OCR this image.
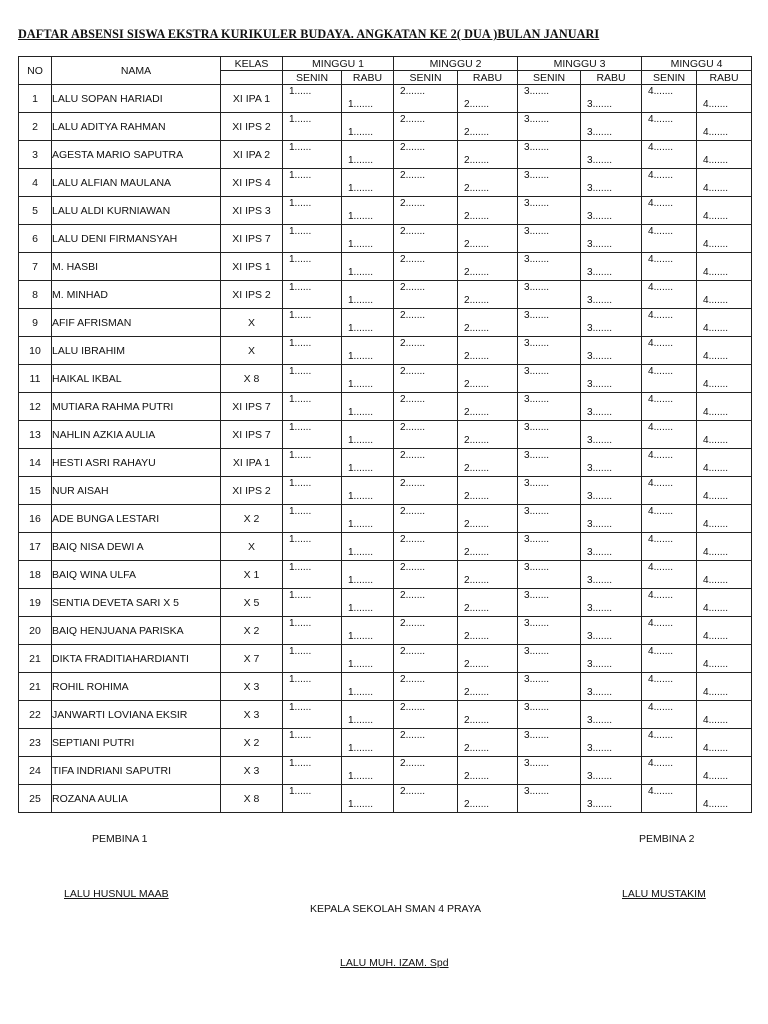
DAFTAR ABSENSI SISWA EKSTRA KURIKULER BUDAYA. ANGKATAN KE 2( DUA )BULAN JANUARI
NO	NAMA	KELAS	MINGGU 1		MINGGU 2		MINGGU 3		MINGGU 4	
			SENIN	RABU	SENIN	RABU	SENIN	RABU	SENIN	RABU
1	LALU SOPAN HARIADI	XI IPA 1	1......	1.......	2.......	2.......	3.......	3.......	4.......	4.......

2	LALU ADITYA RAHMAN	XI IPS 2	1......	1.......	2.......	2.......	3.......	3.......	4.......	4.......

3	AGESTA MARIO SAPUTRA	XI IPA 2	1......	1.......	2.......	2.......	3.......	3.......	4.......	4.......

4	LALU ALFIAN MAULANA	XI IPS 4	1......	1.......	2.......	2.......	3.......	3.......	4.......	4.......

5	LALU ALDI KURNIAWAN	XI IPS 3	1......	1.......	2.......	2.......	3.......	3.......	4.......	4.......

6	LALU DENI FIRMANSYAH	XI IPS 7	1......	1.......	2.......	2.......	3.......	3.......	4.......	4.......

7	M. HASBI	XI IPS 1	1......	1.......	2.......	2.......	3.......	3.......	4.......	4.......

8	M. MINHAD	XI IPS 2	1......	1.......	2.......	2.......	3.......	3.......	4.......	4.......

9	AFIF AFRISMAN	X	1......	1.......	2.......	2.......	3.......	3.......	4.......	4.......

10	LALU IBRAHIM	X	1......	1.......	2.......	2.......	3.......	3.......	4.......	4.......

11	HAIKAL IKBAL	X 8	1......	1.......	2.......	2.......	3.......	3.......	4.......	4.......

12	MUTIARA RAHMA PUTRI	XI IPS 7	1......	1.......	2.......	2.......	3.......	3.......	4.......	4.......

13	NAHLIN AZKIA AULIA	XI IPS 7	1......	1.......	2.......	2.......	3.......	3.......	4.......	4.......

14	HESTI ASRI RAHAYU	XI IPA 1	1......	1.......	2.......	2.......	3.......	3.......	4.......	4.......

15	NUR AISAH	XI IPS 2	1......	1.......	2.......	2.......	3.......	3.......	4.......	4.......

16	ADE BUNGA LESTARI	X 2	1......	1.......	2.......	2.......	3.......	3.......	4.......	4.......

17	BAIQ NISA DEWI A	X	1......	1.......	2.......	2.......	3.......	3.......	4.......	4.......

18	BAIQ WINA ULFA	X 1	1......	1.......	2.......	2.......	3.......	3.......	4.......	4.......

19	SENTIA DEVETA SARI X 5	X 5	1......	1.......	2.......	2.......	3.......	3.......	4.......	4.......

20	BAIQ HENJUANA PARISKA	X 2	1......	1.......	2.......	2.......	3.......	3.......	4.......	4.......

21	DIKTA FRADITIAHARDIANTI	X 7	1......	1.......	2.......	2.......	3.......	3.......	4.......	4.......

21	ROHIL ROHIMA	X 3	1......	1.......	2.......	2.......	3.......	3.......	4.......	4.......

22	JANWARTI LOVIANA EKSIR	X 3	1......	1.......	2.......	2.......	3.......	3.......	4.......	4.......

23	SEPTIANI PUTRI	X 2	1......	1.......	2.......	2.......	3.......	3.......	4.......	4.......

24	TIFA INDRIANI SAPUTRI	X 3	1......	1.......	2.......	2.......	3.......	3.......	4.......	4.......

25	ROZANA AULIA	X 8	1......	1.......	2.......	2.......	3.......	3.......	4.......	4.......
PEMBINA 1	PEMBINA 2
LALU HUSNUL MAAB	LALU MUSTAKIM
KEPALA SEKOLAH SMAN 4 PRAYA
LALU MUH. IZAM. Spd
